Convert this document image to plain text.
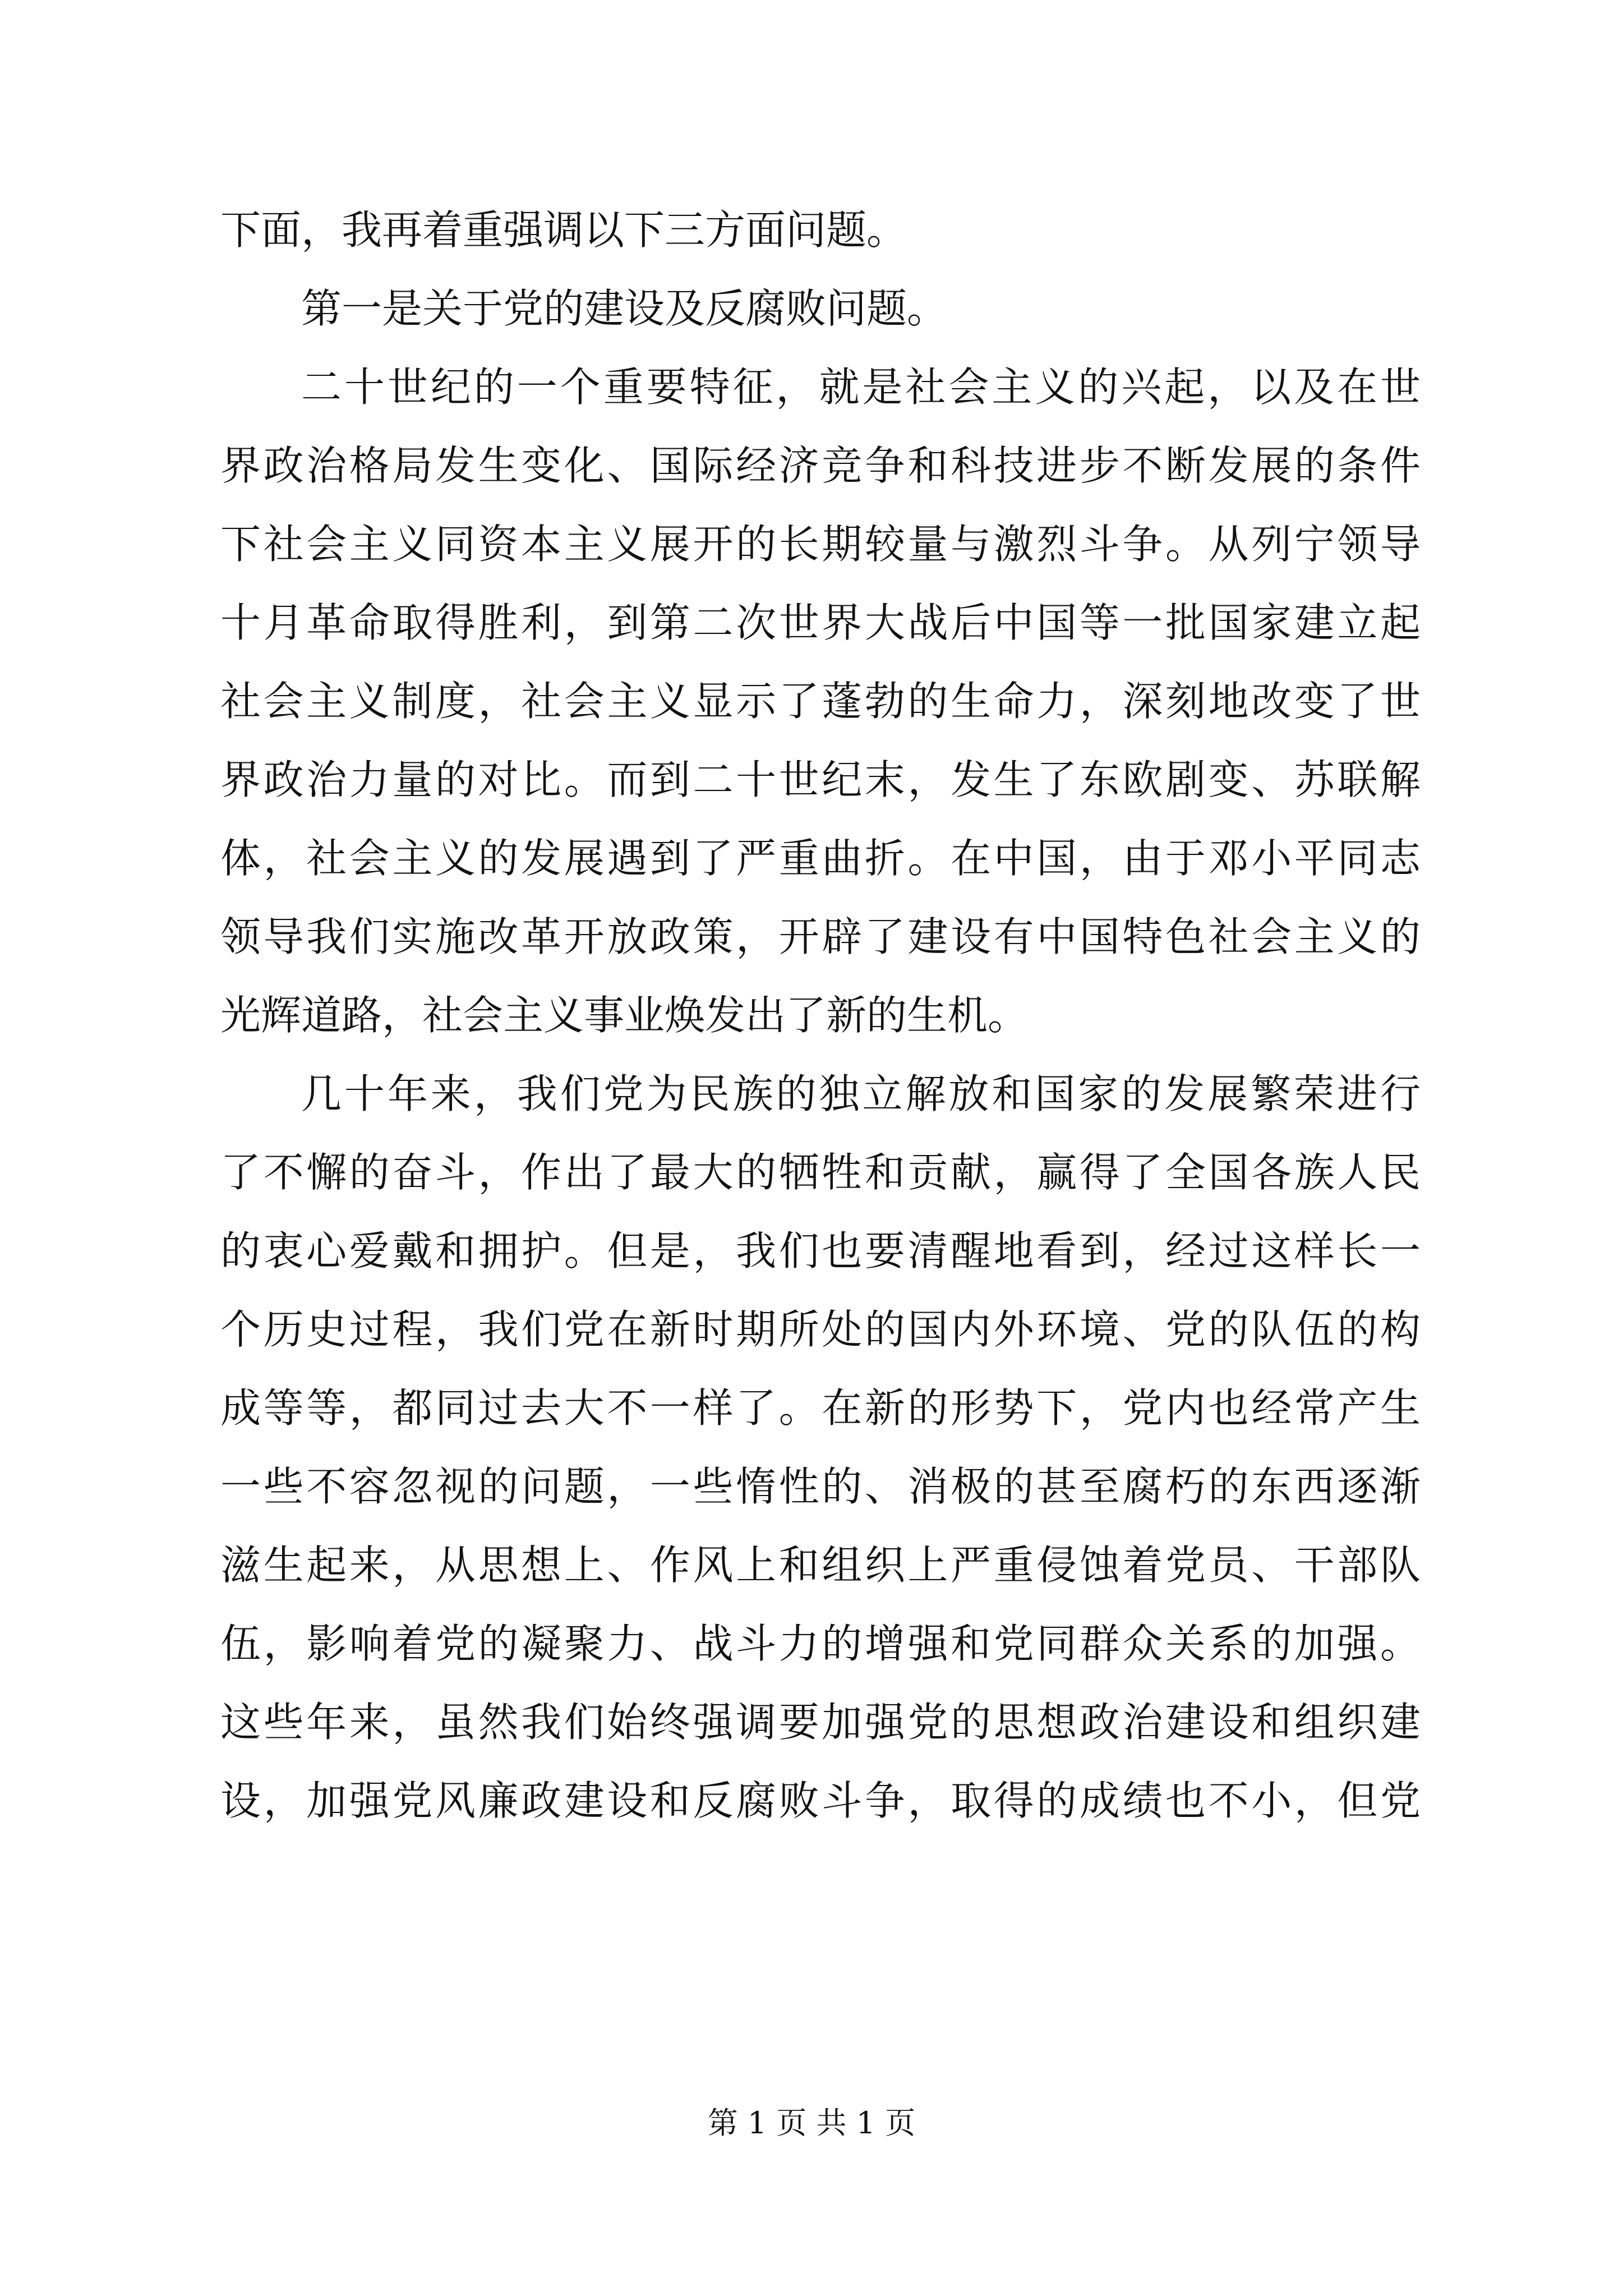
下面，我再着重强调以下三方面问题。
第一是关于党的建设及反腐败问题。
二十世纪的一个重要特征，就是社会主义的兴起，以及在世
界政治格局发生变化、国际经济竞争和科技进步不断发展的条件
下社会主义同资本主义展开的长期较量与激烈斗争。从列宁领导
十月革命取得胜利，到第二次世界大战后中国等一批国家建立起
社会主义制度，社会主义显示了蓬勃的生命力，深刻地改变了世
界政治力量的对比。而到二十世纪末，发生了东欧剧变、苏联解
体，社会主义的发展遇到了严重曲折。在中国，由于邓小平同志
领导我们实施改革开放政策，开辟了建设有中国特色社会主义的
光辉道路，社会主义事业焕发出了新的生机。
几十年来，我们党为民族的独立解放和国家的发展繁荣进行
了不懈的奋斗，作出了最大的牺牲和贡献，赢得了全国各族人民
的衷心爱戴和拥护。但是，我们也要清醒地看到，经过这样长一
个历史过程，我们党在新时期所处的国内外环境、党的队伍的构
成等等，都同过去大不一样了。在新的形势下，党内也经常产生
一些不容忽视的问题，一些惰性的、消极的甚至腐朽的东西逐渐
滋生起来，从思想上、作风上和组织上严重侵蚀着党员、干部队
伍，影响着党的凝聚力、战斗力的增强和党同群众关系的加强。
这些年来，虽然我们始终强调要加强党的思想政治建设和组织建
设，加强党风廉政建设和反腐败斗争，取得的成绩也不小，但党
第 1 页 共 1 页
